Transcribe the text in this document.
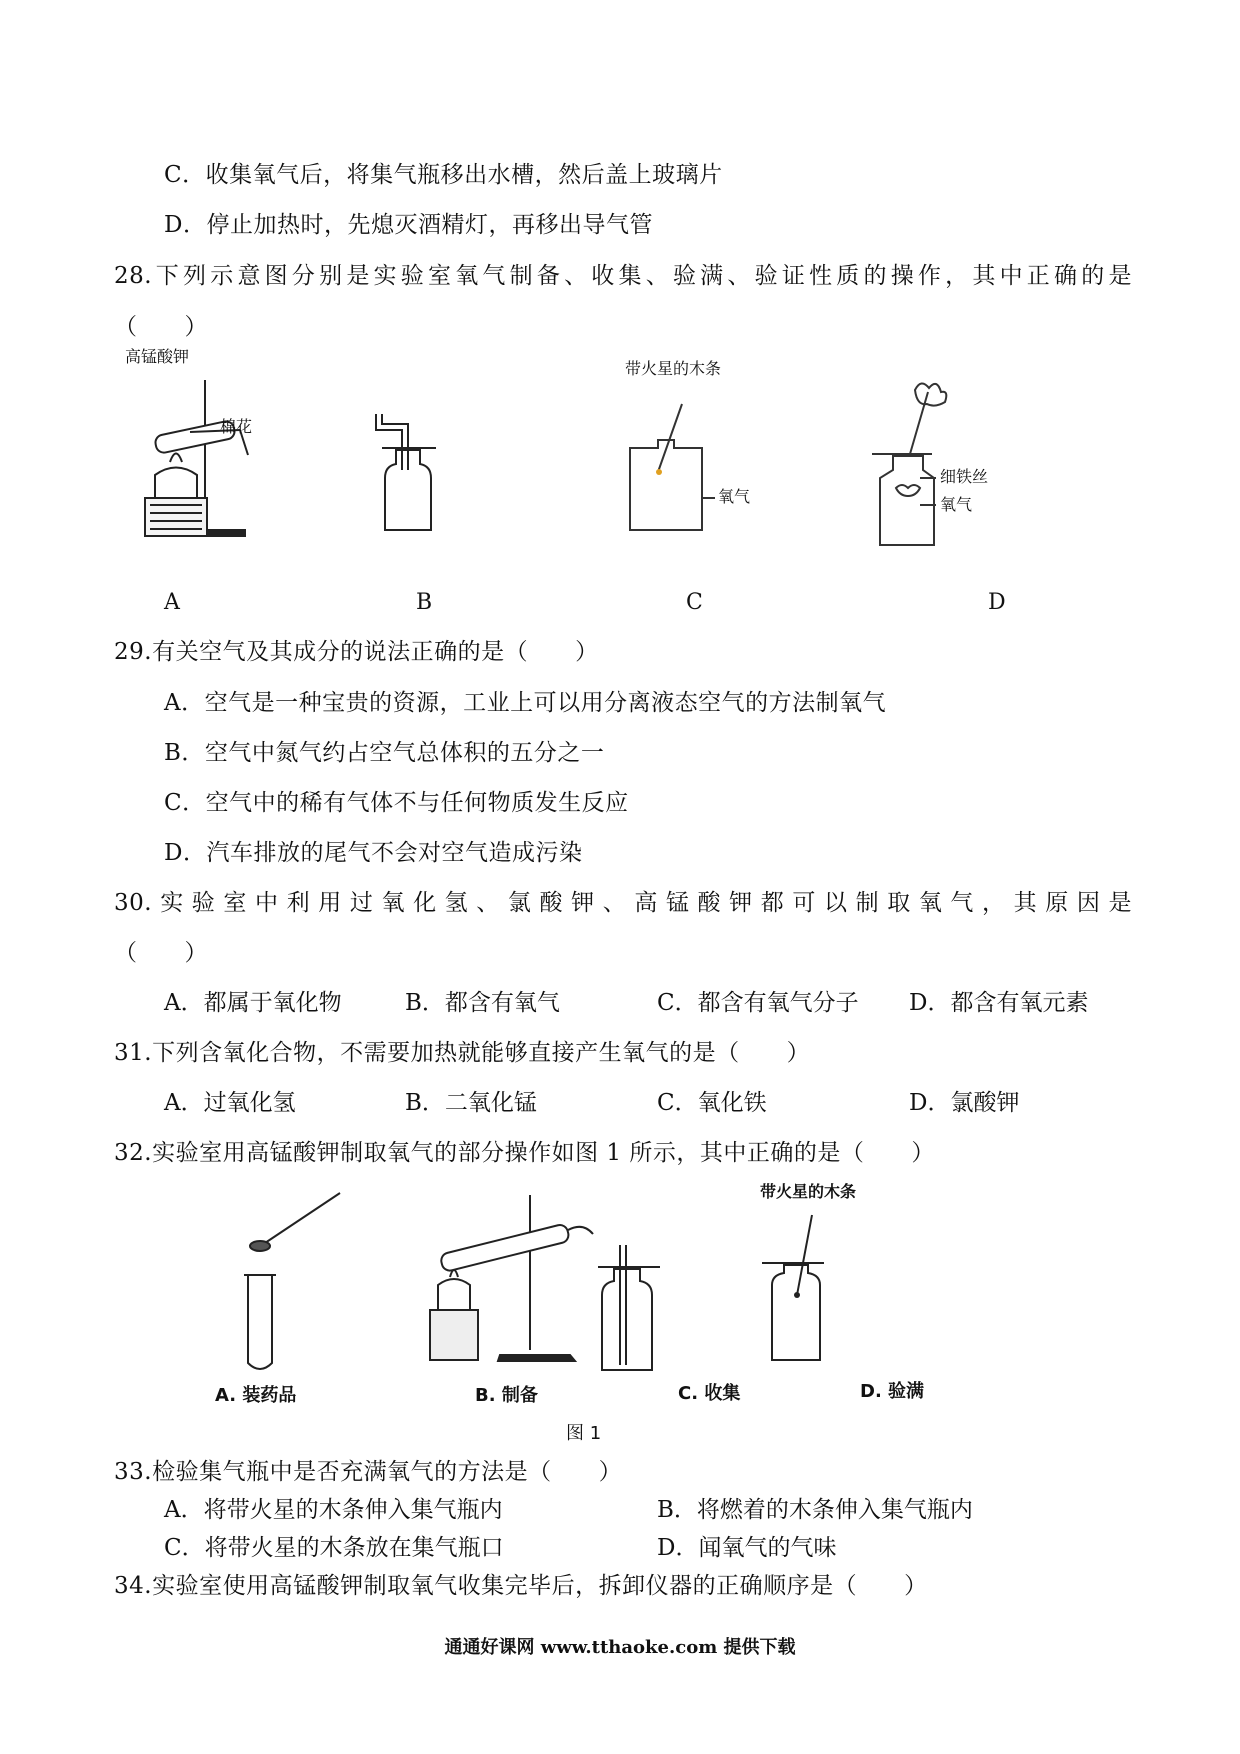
C．收集氧气后，将集气瓶移出水槽，然后盖上玻璃片
D．停止加热时，先熄灭酒精灯，再移出导气管
28. 下 列 示 意 图 分 别 是 实 验 室 氧 气 制 备 、 收 集 、 验 满 、 验 证 性 质 的 操 作 ， 其 中 正 确 的 是
（　　）
高锰酸钾
棉花
带火星的木条
氧气
细铁丝
氧气
A	B	C	D
29.有关空气及其成分的说法正确的是（　　）
A．空气是一种宝贵的资源，工业上可以用分离液态空气的方法制氧气
B．空气中氮气约占空气总体积的五分之一
C．空气中的稀有气体不与任何物质发生反应
D．汽车排放的尾气不会对空气造成污染
30. 实 验 室 中 利 用 过 氧 化 氢 、 氯 酸 钾 、 高 锰 酸 钾 都 可 以 制 取 氧 气 ， 其 原 因 是
（　　）
A．都属于氧化物	B．都含有氧气	C．都含有氧气分子 D．都含有氧元素
31.下列含氧化合物，不需要加热就能够直接产生氧气的是（　　）
A．过氧化氢	B．二氧化锰	C．氧化铁	D．氯酸钾
32.实验室用高锰酸钾制取氧气的部分操作如图 1 所示，其中正确的是（　　）
带火星的木条
A. 装药品	B. 制备	C. 收集	D. 验满
图 1
33.检验集气瓶中是否充满氧气的方法是（　　）
A．将带火星的木条伸入集气瓶内	B．将燃着的木条伸入集气瓶内
C．将带火星的木条放在集气瓶口	D．闻氧气的气味
34.实验室使用高锰酸钾制取氧气收集完毕后，拆卸仪器的正确顺序是（　　）
通通好课网 www.tthaoke.com 提供下载
